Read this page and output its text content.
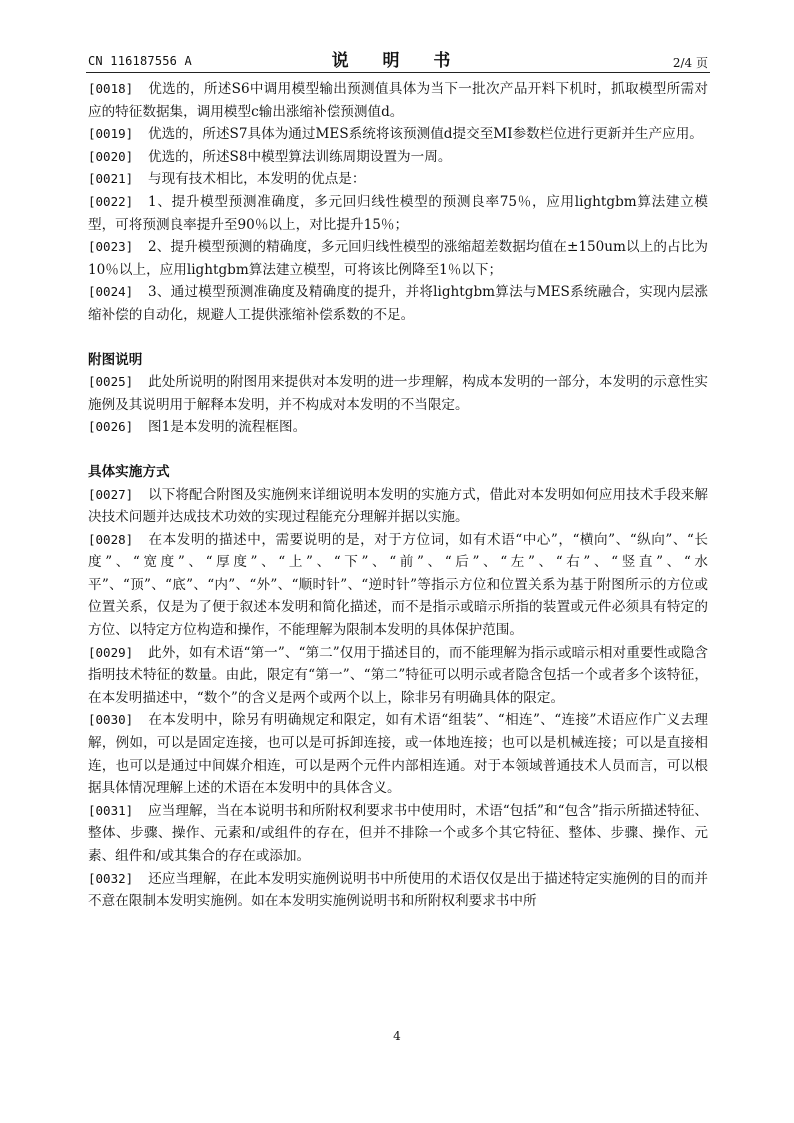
CN 116187556 A	说 明 书	2/4 页

[0018] 优选的，所述S6中调用模型输出预测值具体为当下一批次产品开料下机时，抓取模型所需对应的特征数据集，调用模型c输出涨缩补偿预测值d。

[0019] 优选的，所述S7具体为通过MES系统将该预测值d提交至MI参数栏位进行更新并生产应用。

[0020] 优选的，所述S8中模型算法训练周期设置为一周。

[0021] 与现有技术相比，本发明的优点是：

[0022] 1、提升模型预测准确度，多元回归线性模型的预测良率75％，应用lightgbm算法建立模型，可将预测良率提升至90％以上，对比提升15％；

[0023] 2、提升模型预测的精确度，多元回归线性模型的涨缩超差数据均值在±150um以上的占比为10％以上，应用lightgbm算法建立模型，可将该比例降至1％以下；

[0024] 3、通过模型预测准确度及精确度的提升，并将lightgbm算法与MES系统融合，实现内层涨缩补偿的自动化，规避人工提供涨缩补偿系数的不足。

附图说明

[0025] 此处所说明的附图用来提供对本发明的进一步理解，构成本发明的一部分，本发明的示意性实施例及其说明用于解释本发明，并不构成对本发明的不当限定。

[0026] 图1是本发明的流程框图。

具体实施方式

[0027] 以下将配合附图及实施例来详细说明本发明的实施方式，借此对本发明如何应用技术手段来解决技术问题并达成技术功效的实现过程能充分理解并据以实施。

[0028] 在本发明的描述中，需要说明的是，对于方位词，如有术语“中心”，“横向”、“纵向”、“长度”、“宽度”、“厚度”、“上”、“下”、“前”、“后”、“左”、“右”、“竖直”、“水平”、“顶”、“底”、“内”、“外”、“顺时针”、“逆时针”等指示方位和位置关系为基于附图所示的方位或位置关系，仅是为了便于叙述本发明和简化描述，而不是指示或暗示所指的装置或元件必须具有特定的方位、以特定方位构造和操作，不能理解为限制本发明的具体保护范围。

[0029] 此外，如有术语“第一”、“第二”仅用于描述目的，而不能理解为指示或暗示相对重要性或隐含指明技术特征的数量。由此，限定有“第一”、“第二”特征可以明示或者隐含包括一个或者多个该特征，在本发明描述中，“数个”的含义是两个或两个以上，除非另有明确具体的限定。

[0030] 在本发明中，除另有明确规定和限定，如有术语“组装”、“相连”、“连接”术语应作广义去理解，例如，可以是固定连接，也可以是可拆卸连接，或一体地连接；也可以是机械连接；可以是直接相连，也可以是通过中间媒介相连，可以是两个元件内部相连通。对于本领域普通技术人员而言，可以根据具体情况理解上述的术语在本发明中的具体含义。

[0031] 应当理解，当在本说明书和所附权利要求书中使用时，术语“包括”和“包含”指示所描述特征、整体、步骤、操作、元素和/或组件的存在，但并不排除一个或多个其它特征、整体、步骤、操作、元素、组件和/或其集合的存在或添加。

[0032] 还应当理解，在此本发明实施例说明书中所使用的术语仅仅是出于描述特定实施例的目的而并不意在限制本发明实施例。如在本发明实施例说明书和所附权利要求书中所

4
